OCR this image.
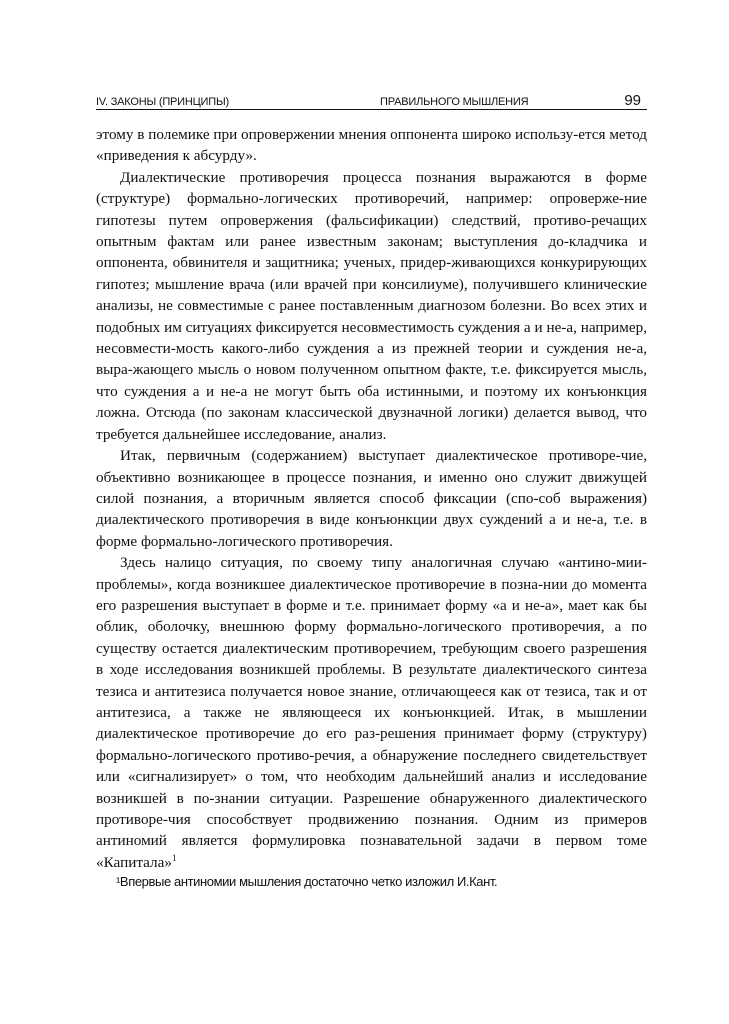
IV. ЗАКОНЫ (ПРИНЦИПЫ)	ПРАВИЛЬНОГО МЫШЛЕНИЯ	99

этому в полемике при опровержении мнения оппонента широко использу-ется метод «приведения к абсурду».

Диалектические противоречия процесса познания выражаются в форме (структуре) формально-логических противоречий, например: опроверже-ние гипотезы путем опровержения (фальсификации) следствий, противо-речащих опытным фактам или ранее известным законам; выступления до-кладчика и оппонента, обвинителя и защитника; ученых, придер-живающихся конкурирующих гипотез; мышление врача (или врачей при консилиуме), получившего клинические анализы, не совместимые с ранее поставленным диагнозом болезни. Во всех этих и подобных им ситуациях фиксируется несовместимость суждения а и не-а, например, несовмести-мость какого-либо суждения а из прежней теории и суждения не-а, выра-жающего мысль о новом полученном опытном факте, т.е. фиксируется мысль, что суждения а и не-а не могут быть оба истинными, и поэтому их конъюнкция ложна. Отсюда (по законам классической двузначной логики) делается вывод, что требуется дальнейшее исследование, анализ.

Итак, первичным (содержанием) выступает диалектическое противоре-чие, объективно возникающее в процессе познания, и именно оно служит движущей силой познания, а вторичным является способ фиксации (спо-соб выражения) диалектического противоречия в виде конъюнкции двух суждений а и не-а, т.е. в форме формально-логического противоречия.

Здесь налицо ситуация, по своему типу аналогичная случаю «антино-мии-проблемы», когда возникшее диалектическое противоречие в позна-нии до момента его разрешения выступает в форме и т.е. принимает форму «а и не-а», мает как бы облик, оболочку, внешнюю форму формально-логического противоречия, а по существу остается диалектическим противоречием, требующим своего разрешения в ходе исследования возникшей проблемы. В результате диалектического синтеза тезиса и антитезиса получается новое знание, отличающееся как от тезиса, так и от антитезиса, а также не являющееся их конъюнкцией. Итак, в мышлении диалектическое противоречие до его раз-решения принимает форму (структуру) формально-логического противо-речия, а обнаружение последнего свидетельствует или «сигнализирует» о том, что необходим дальнейший анализ и исследование возникшей в по-знании ситуации. Разрешение обнаруженного диалектического противоре-чия способствует продвижению познания. Одним из примеров антиномий является формулировка познавательной задачи в первом томе «Капитала»$^1$

¹Впервые антиномии мышления достаточно четко изложил И.Кант.
